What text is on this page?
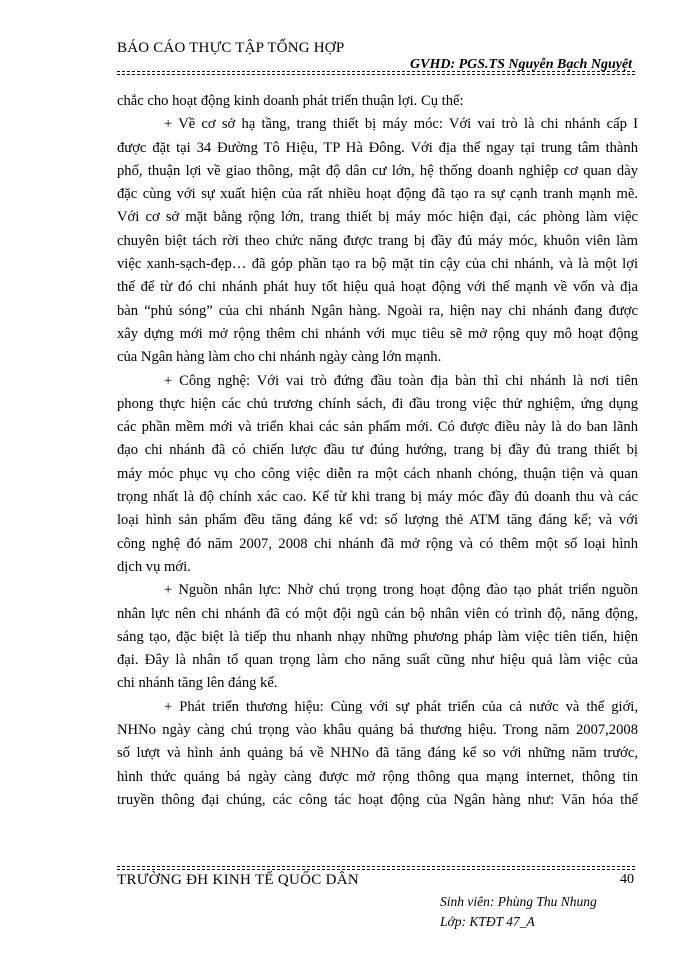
BÁO CÁO THỰC TẬP TỔNG HỢP
GVHD: PGS.TS Nguyễn Bạch Nguyệt
chắc cho hoạt động kinh doanh phát triển thuận lợi. Cụ thể:
+ Về cơ sở hạ tầng, trang thiết bị máy móc: Với vai trò là chi nhánh cấp I
được đặt tại 34 Đường Tô Hiệu, TP Hà Đông. Với địa thế ngay tại trung tâm thành
phố, thuận lợi về giao thông, mật độ dân cư lớn, hệ thống doanh nghiệp cơ quan dày
đặc cùng với sự xuất hiện của rất nhiều hoạt động đã tạo ra sự cạnh tranh mạnh mẽ.
Với cơ sở mặt bằng rộng lớn, trang thiết bị máy móc hiện đại, các phòng làm việc
chuyên biệt tách rời theo chức năng được trang bị đầy đủ máy móc, khuôn viên làm
việc xanh-sạch-đẹp… đã góp phần tạo ra bộ mặt tin cậy của chi nhánh, và là một lợi
thế để từ đó chi nhánh phát huy tốt hiệu quả hoạt động với thế mạnh về vốn và địa
bàn “phủ sóng” của chi nhánh Ngân hàng. Ngoài ra, hiện nay chi nhánh đang được
xây dựng mới mở rộng thêm chi nhánh với mục tiêu sẽ mở rộng quy mô hoạt động
của Ngân hàng làm cho chi nhánh ngày càng lớn mạnh.
+ Công nghệ: Với vai trò đứng đầu toàn địa bàn thì chi nhánh là nơi tiên
phong thực hiện các chủ trương chính sách, đi đầu trong việc thử nghiệm, ứng dụng
các phần mềm mới và triển khai các sản phẩm mới. Có được điều này là do ban lãnh
đạo chi nhánh đã có chiến lược đầu tư đúng hướng, trang bị đầy đủ trang thiết bị
máy móc phục vụ cho công việc diễn ra một cách nhanh chóng, thuận tiện và quan
trọng nhất là độ chính xác cao. Kể từ khi trang bị máy móc đầy đủ doanh thu và các
loại hình sản phẩm đều tăng đáng kể vd: số lượng thẻ ATM tăng đáng kể; và với
công nghệ đó năm 2007, 2008 chi nhánh đã mở rộng và có thêm một số loại hình
dịch vụ mới.
+ Nguồn nhân lực: Nhờ chú trọng trong hoạt động đào tạo phát triển nguồn
nhân lực nên chi nhánh đã có một đội ngũ cán bộ nhân viên có trình độ, năng động,
sáng tạo, đặc biệt là tiếp thu nhanh nhạy những phương pháp làm việc tiên tiến, hiện
đại. Đây là nhân tố quan trọng làm cho năng suất cũng như hiệu quả làm việc của
chi nhánh tăng lên đáng kể.
+ Phát triển thương hiệu: Cùng với sự phát triển của cả nước và thế giới,
NHNo ngày càng chú trọng vào khâu quảng bá thương hiệu. Trong năm 2007,2008
số lượt và hình ảnh quảng bá về NHNo đã tăng đáng kể so với những năm trước,
hình thức quảng bá ngày càng được mở rộng thông qua mạng internet, thông tin
truyền thông đại chúng, các công tác hoạt động của Ngân hàng như: Văn hóa thể
TRƯỜNG ĐH KINH TẾ QUỐC DÂN	40
Sinh viên: Phùng Thu Nhung
Lớp: KTĐT 47_A
